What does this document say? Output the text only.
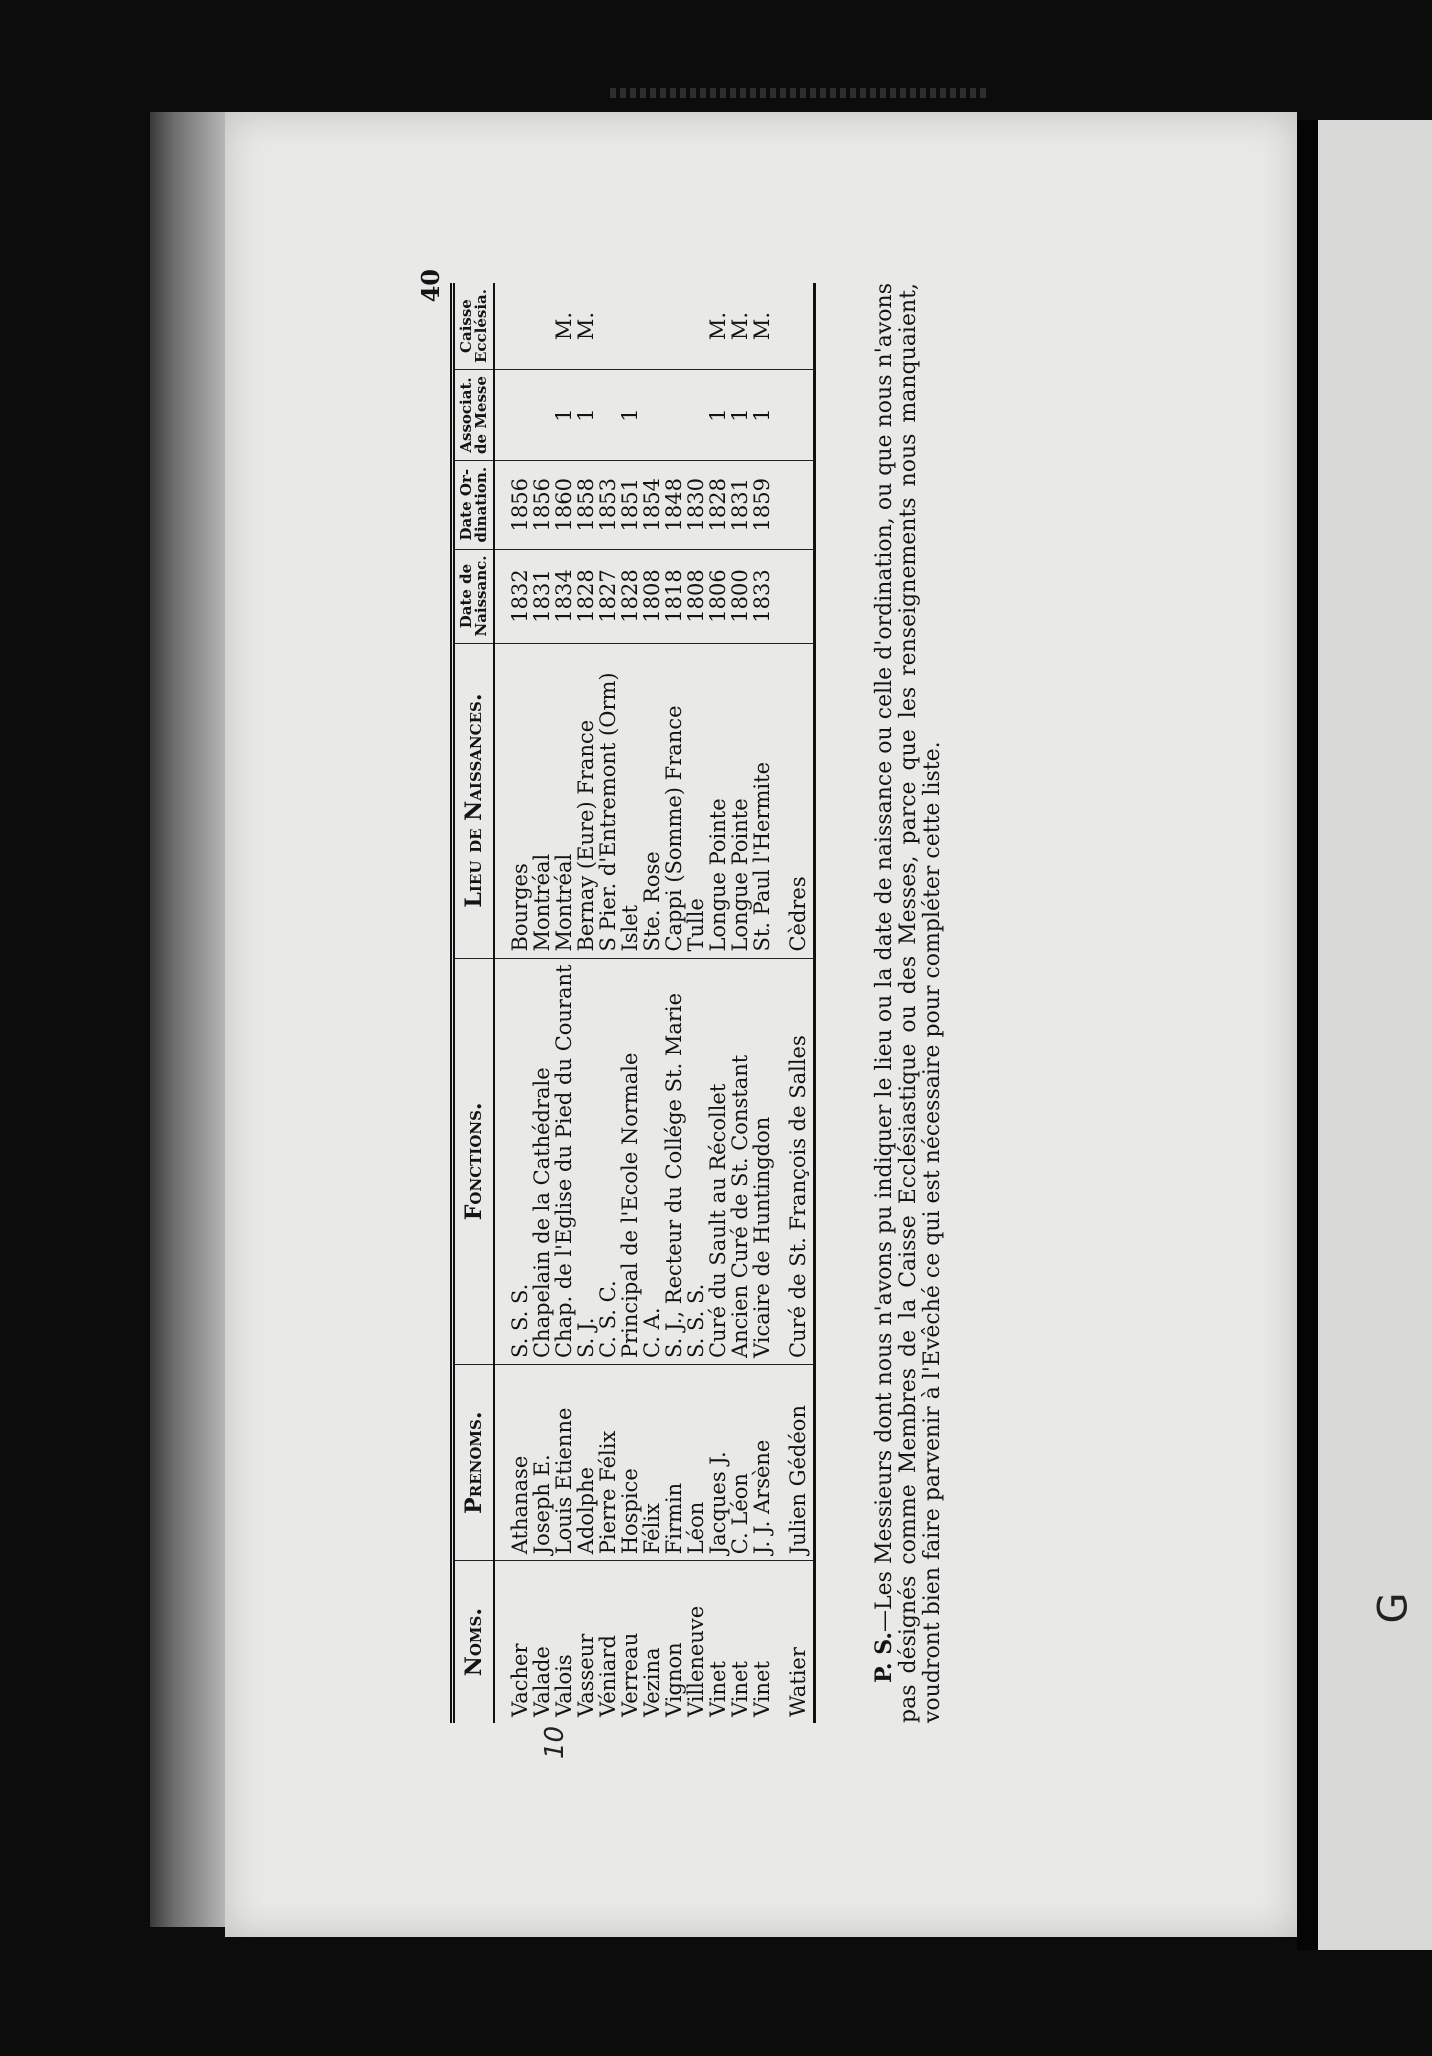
G
40
Noms.	Prenoms.	Fonctions.	Lieu de Naissances.	Date de Naissanc.	Date Or-dination.	Associat. de Messe	Caisse Ecclésia.

Vacher	Athanase	S. S. S.	Bourges	1832	1856		
Valade	Joseph E.	Chapelain de la Cathédrale	Montréal	1831	1856		
Valois	Louis Etienne	Chap. de l'Eglise du Pied du Courant	Montréal	1834	1860	1	M.
Vasseur	Adolphe	S. J.	Bernay (Eure) France	1828	1858	1	M.
Véniard	Pierre Félix	C. S. C.	S Pier. d'Entremont (Orm)	1827	1853		
Verreau	Hospice	Principal de l'Ecole Normale	Islet	1828	1851	1	
Vezina	Félix	C. A.	Ste. Rose	1808	1854		
Vignon	Firmin	S. J., Recteur du Collége St. Marie	Cappi (Somme) France	1818	1848		
Villeneuve	Léon	S. S. S.	Tulle	1808	1830		
Vinet	Jacques J.	Curé du Sault au Récollet	Longue Pointe	1806	1828	1	M.
Vinet	C. Léon	Ancien Curé de St. Constant	Longue Pointe	1800	1831	1	M.
Vinet	J. J. Arsène	Vicaire de Huntingdon	St. Paul l'Hermite	1833	1859	1	M.

Watier	Julien Gédéon	Curé de St. François de Salles	Cèdres				
10

P. S.—Les Messieurs dont nous n'avons pu indiquer le lieu ou la date de naissance ou celle d'ordination, ou que nous n'avons pas désignés comme Membres de la Caisse Ecclésiastique ou des Messes, parce que les renseignements nous manquaient, voudront bien faire parvenir à l'Evêché ce qui est nécessaire pour compléter cette liste.
